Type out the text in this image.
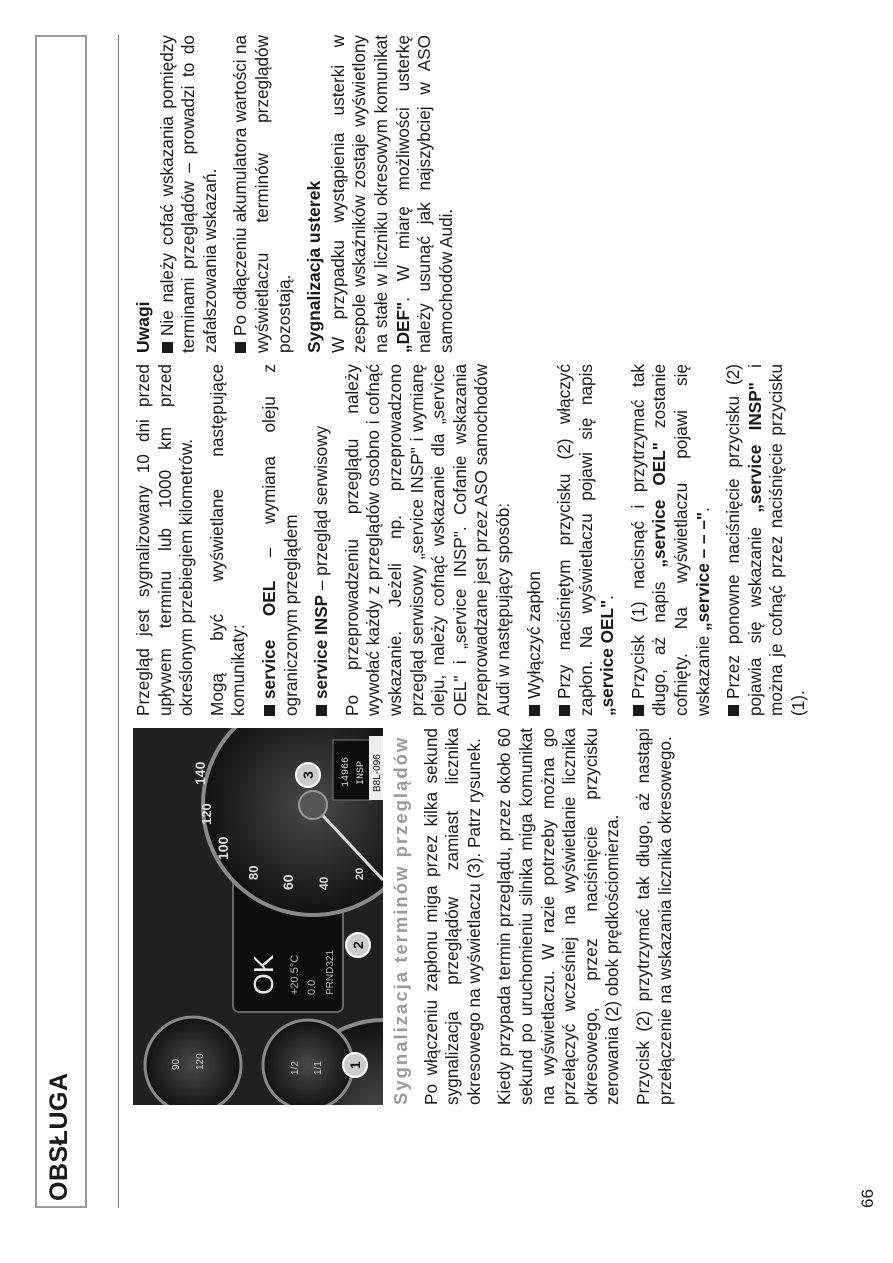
OBSŁUGA
90 120	1/2 1/1
OK +20.5°C 0.0 PRND321
20
40
60
80
100
120
140	14966 INSP
1
2
3	B8L-096 Sygnalizacja terminów przeglądów Po włączeniu zapłonu miga przez kilka sekund sygnalizacja przeglądów zamiast licznika okresowego na wyświetlaczu (3). Patrz rysunek. Kiedy przypada termin przeglądu, przez około 60 sekund po uruchomieniu silnika miga komunikat na wyświetlaczu. W razie potrzeby można go przełączyć wcześniej na wyświetlanie licznika okresowego, przez naciśnięcie przycisku zerowania (2) obok prędkościomierza. Przycisk (2) przytrzymać tak długo, aż nastąpi przełączenie na wskazania licznika okresowego.

Przegląd jest sygnalizowany 10 dni przed upływem terminu lub 1000 km przed określonym przebiegiem kilometrów. Mogą być wyświetlane następujące komunikaty: service OEL – wymiana oleju z ograniczonym przeglądem service INSP – przegląd serwisowy Po przeprowadzeniu przeglądu należy wywołać każdy z przeglądów osobno i cofnąć wskazanie. Jeżeli np. przeprowadzono przegląd serwisowy „service INSP" i wymianę oleju, należy cofnąć wskazanie dla „service OEL" i „service INSP". Cofanie wskazania przeprowadzane jest przez ASO samochodów Audi w następujący sposób: Wyłączyć zapłon Przy naciśniętym przycisku (2) włączyć zapłon. Na wyświetlaczu pojawi się napis „service OEL". Przycisk (1) nacisnąć i przytrzymać tak długo, aż napis „service OEL" zostanie cofnięty. Na wyświetlaczu pojawi się wskazanie „service – – –". Przez ponowne naciśnięcie przycisku (2) pojawia się wskazanie „service INSP" i można je cofnąć przez naciśnięcie przycisku (1).

Uwagi Nie należy cofać wskazania pomiędzy terminami przeglądów – prowadzi to do zafałszowania wskazań. Po odłączeniu akumulatora wartości na wyświetlaczu terminów przeglądów pozostają. Sygnalizacja usterek W przypadku wystąpienia usterki w zespole wskaźników zostaje wyświetlony na stałe w liczniku okresowym komunikat „DEF". W miarę możliwości usterkę należy usunąć jak najszybciej w ASO samochodów Audi.

66
